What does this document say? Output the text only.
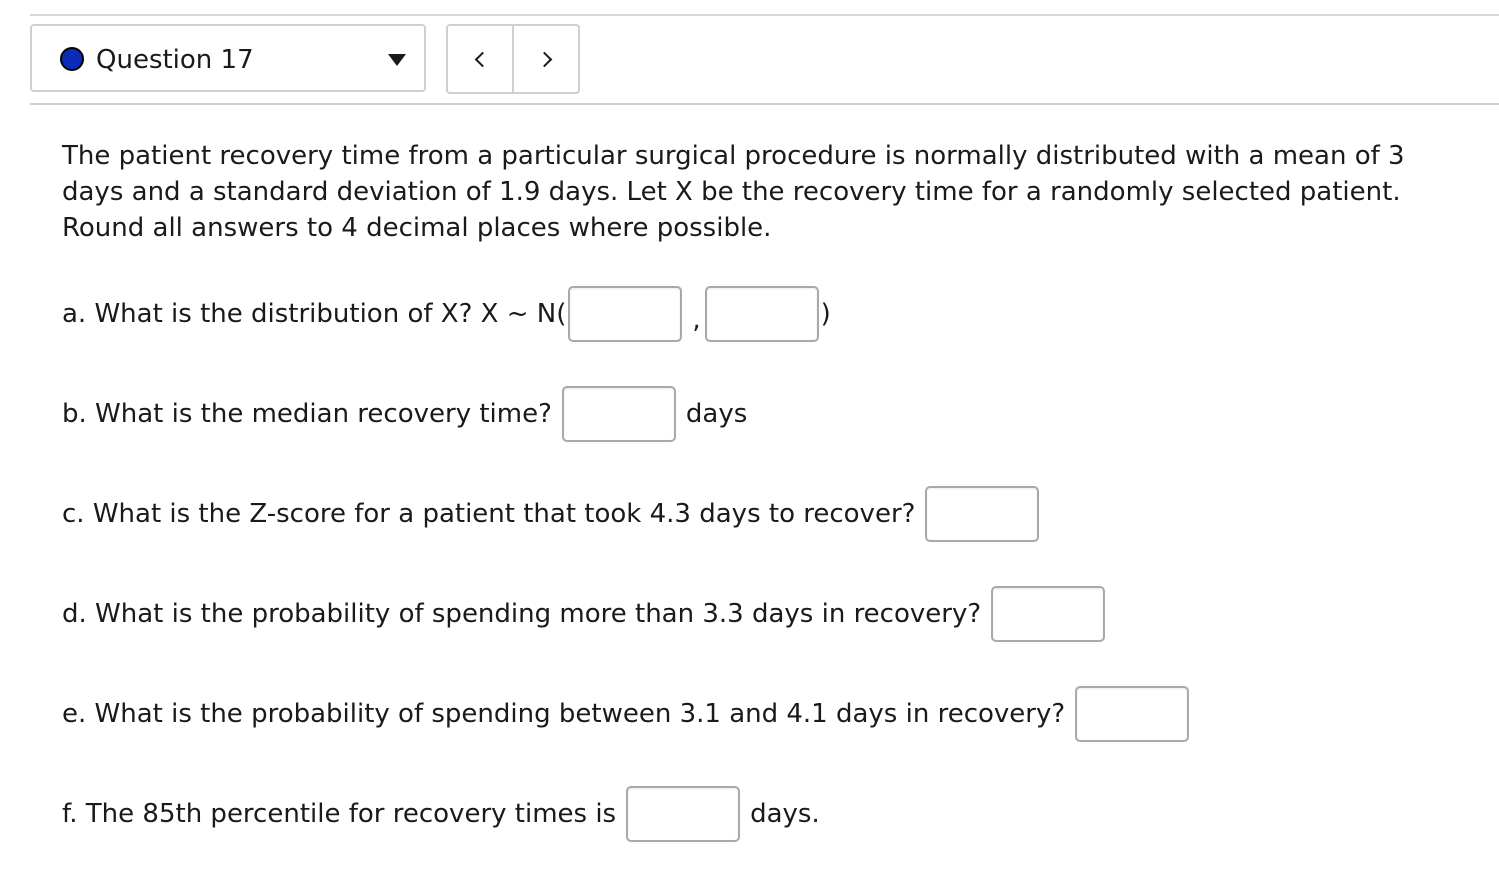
Question 17

The patient recovery time from a particular surgical procedure is normally distributed with a mean of 3 days and a standard deviation of 1.9 days. Let X be the recovery time for a randomly selected patient. Round all answers to 4 decimal places where possible.

a. What is the distribution of X? X ~ N(	,	)
b. What is the median recovery time?	days
c. What is the Z-score for a patient that took 4.3 days to recover?
d. What is the probability of spending more than 3.3 days in recovery?
e. What is the probability of spending between 3.1 and 4.1 days in recovery?
f. The 85th percentile for recovery times is	days.
